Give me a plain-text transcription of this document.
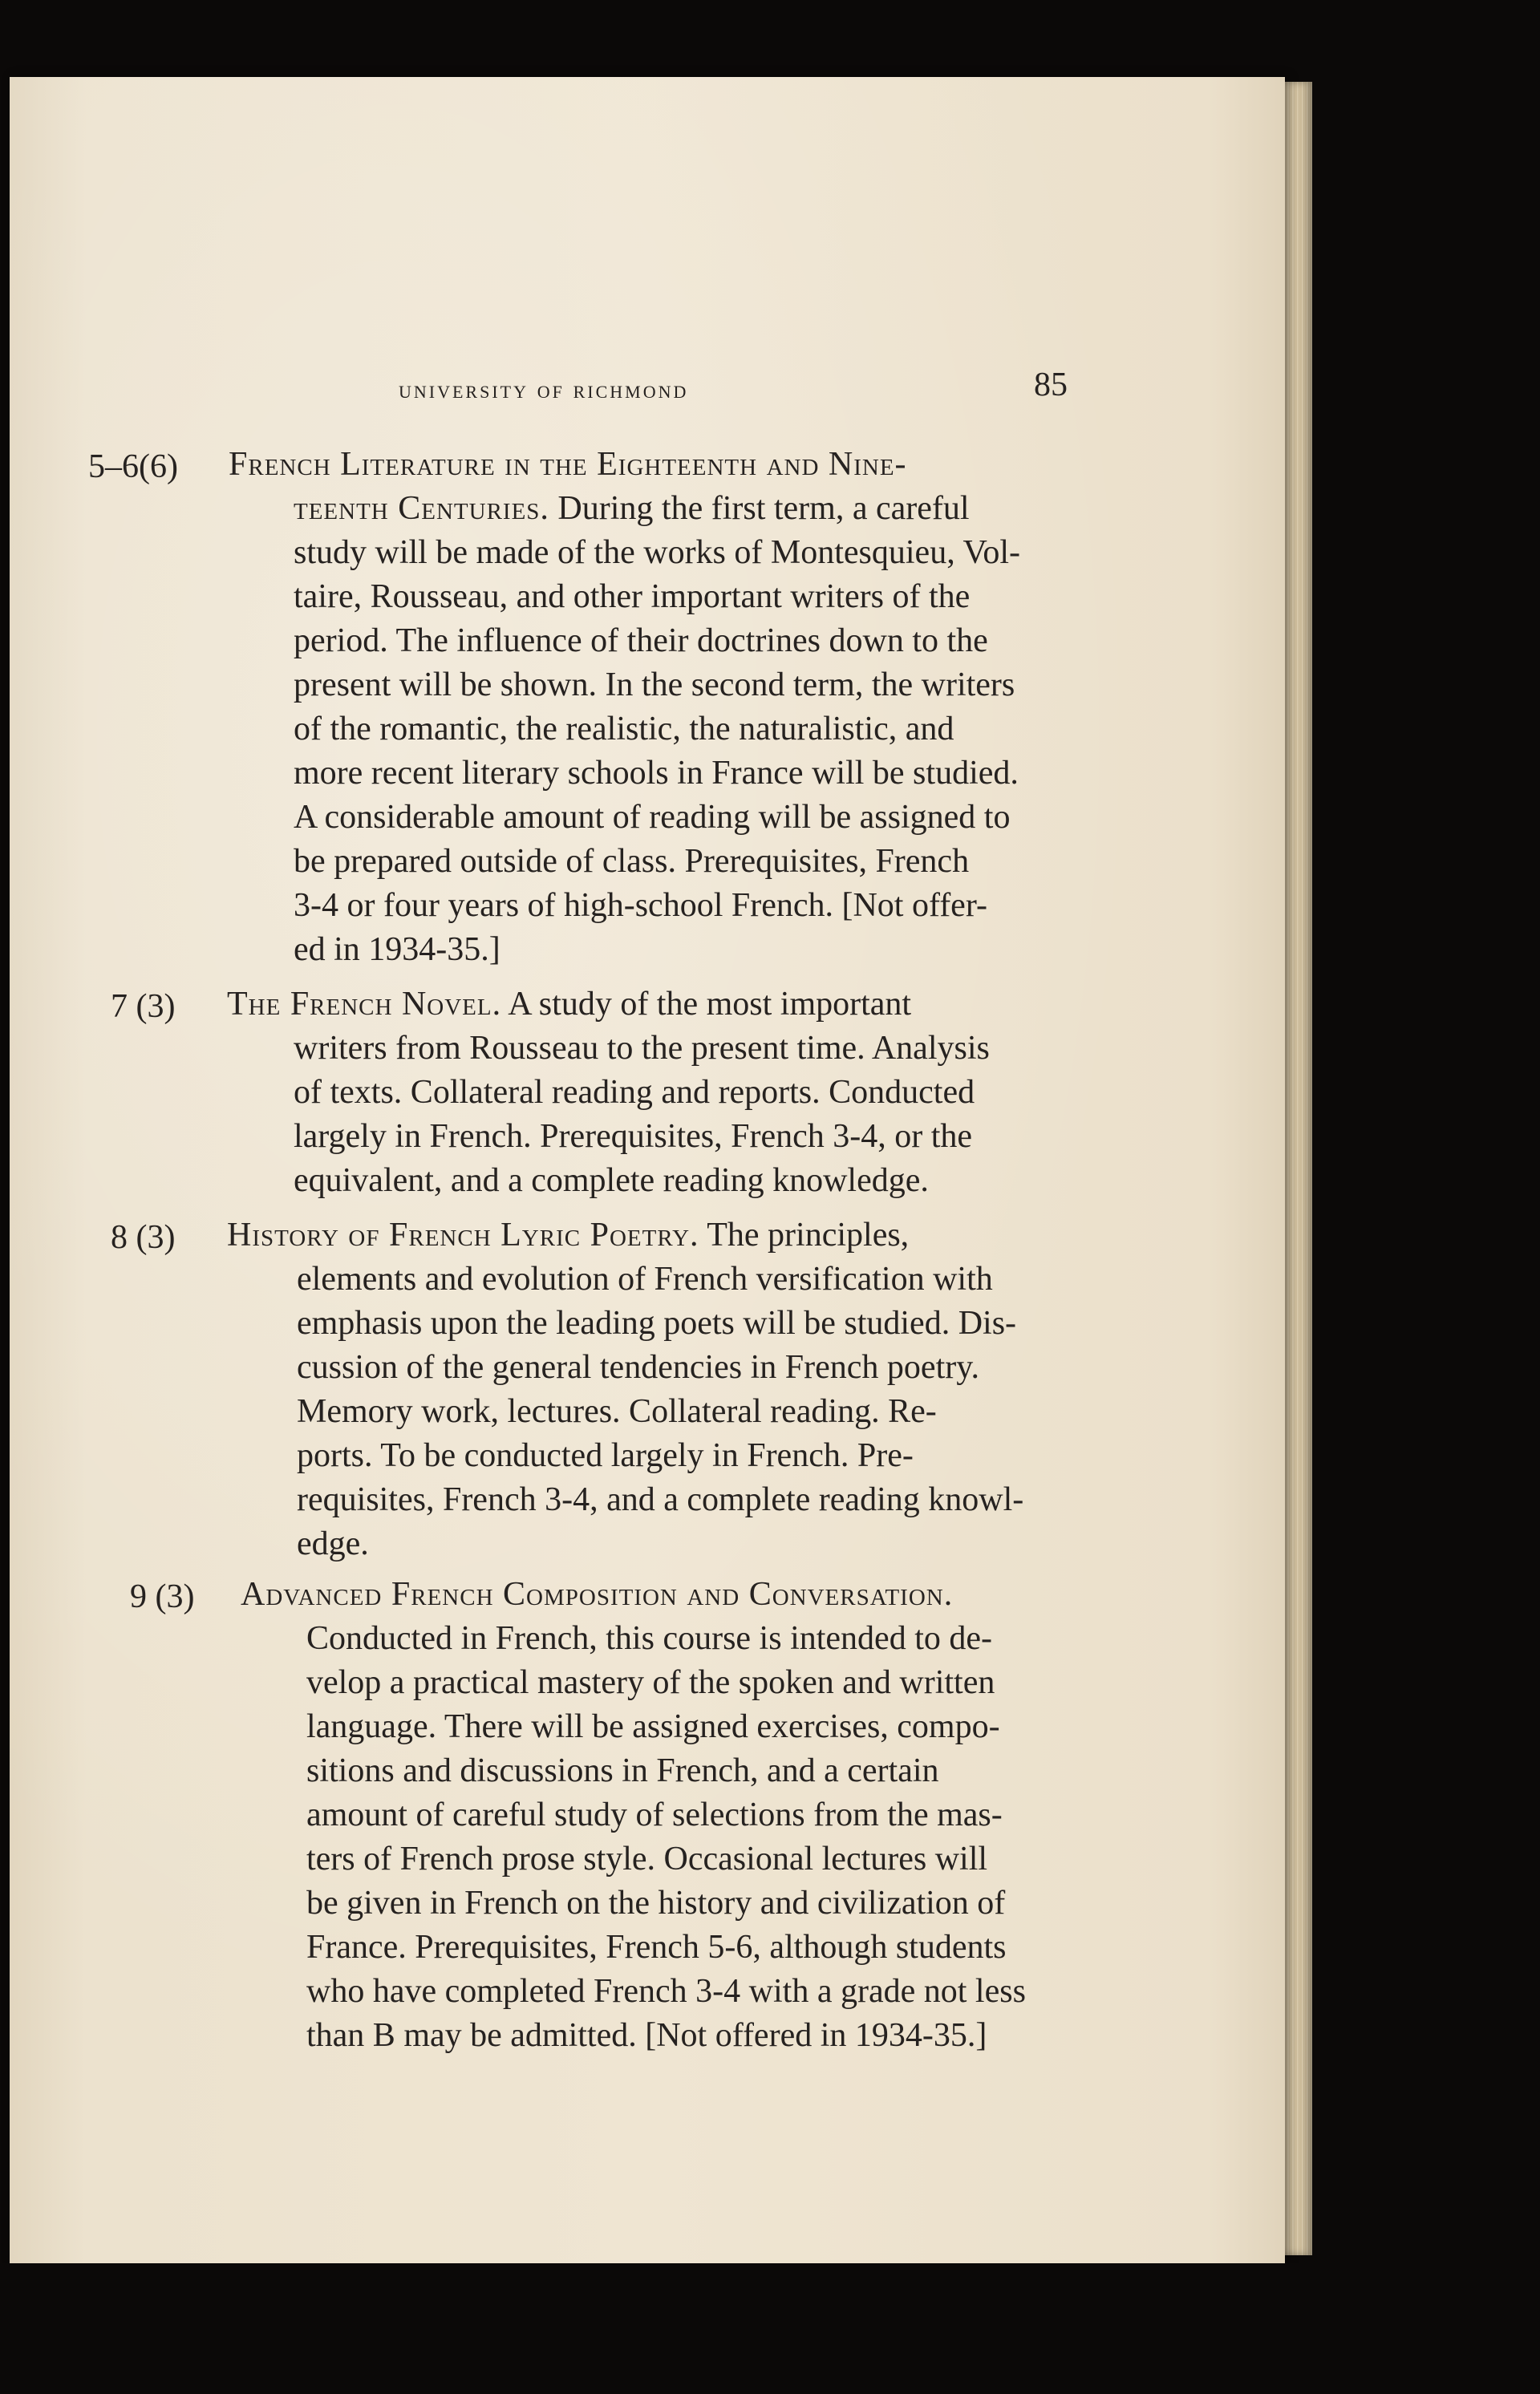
university of richmond	85
5–6(6) French Literature in the Eighteenth and Nine-
teenth Centuries. During the first term, a careful
study will be made of the works of Montesquieu, Vol-
taire, Rousseau, and other important writers of the
period. The influence of their doctrines down to the
present will be shown. In the second term, the writers
of the romantic, the realistic, the naturalistic, and
more recent literary schools in France will be studied.
A considerable amount of reading will be assigned to
be prepared outside of class. Prerequisites, French
3-4 or four years of high-school French. [Not offer-
ed in 1934-35.]
7 (3) The French Novel. A study of the most important
writers from Rousseau to the present time. Analysis
of texts. Collateral reading and reports. Conducted
largely in French. Prerequisites, French 3-4, or the
equivalent, and a complete reading knowledge.
8 (3) History of French Lyric Poetry. The principles,
elements and evolution of French versification with
emphasis upon the leading poets will be studied. Dis-
cussion of the general tendencies in French poetry.
Memory work, lectures. Collateral reading. Re-
ports. To be conducted largely in French. Pre-
requisites, French 3-4, and a complete reading knowl-
edge.
9 (3) Advanced French Composition and Conversation.
Conducted in French, this course is intended to de-
velop a practical mastery of the spoken and written
language. There will be assigned exercises, compo-
sitions and discussions in French, and a certain
amount of careful study of selections from the mas-
ters of French prose style. Occasional lectures will
be given in French on the history and civilization of
France. Prerequisites, French 5-6, although students
who have completed French 3-4 with a grade not less
than B may be admitted. [Not offered in 1934-35.]
